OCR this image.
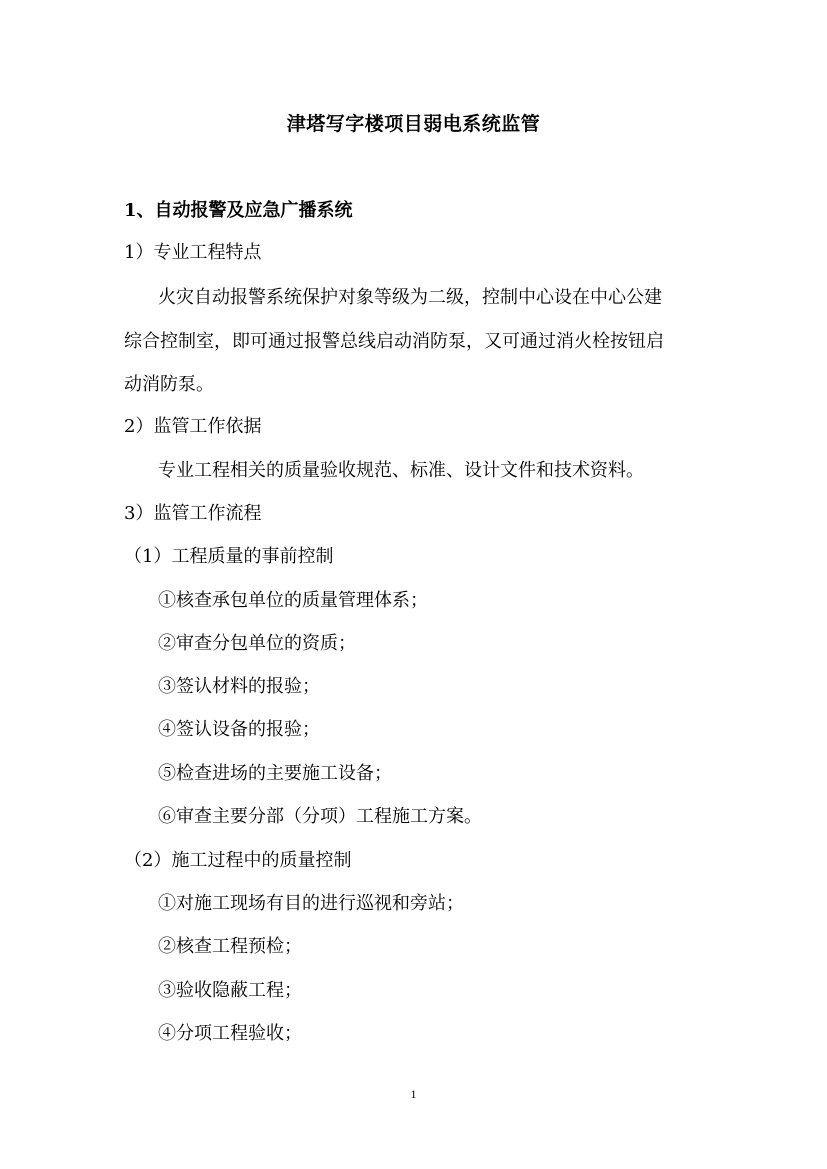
津塔写字楼项目弱电系统监管
1、自动报警及应急广播系统
1）专业工程特点
火灾自动报警系统保护对象等级为二级，控制中心设在中心公建
综合控制室，即可通过报警总线启动消防泵，又可通过消火栓按钮启
动消防泵。
2）监管工作依据
专业工程相关的质量验收规范、标准、设计文件和技术资料。
3）监管工作流程
（1）工程质量的事前控制
①核查承包单位的质量管理体系；
②审查分包单位的资质；
③签认材料的报验；
④签认设备的报验；
⑤检查进场的主要施工设备；
⑥审查主要分部（分项）工程施工方案。
（2）施工过程中的质量控制
①对施工现场有目的进行巡视和旁站；
②核查工程预检；
③验收隐蔽工程；
④分项工程验收；
1
